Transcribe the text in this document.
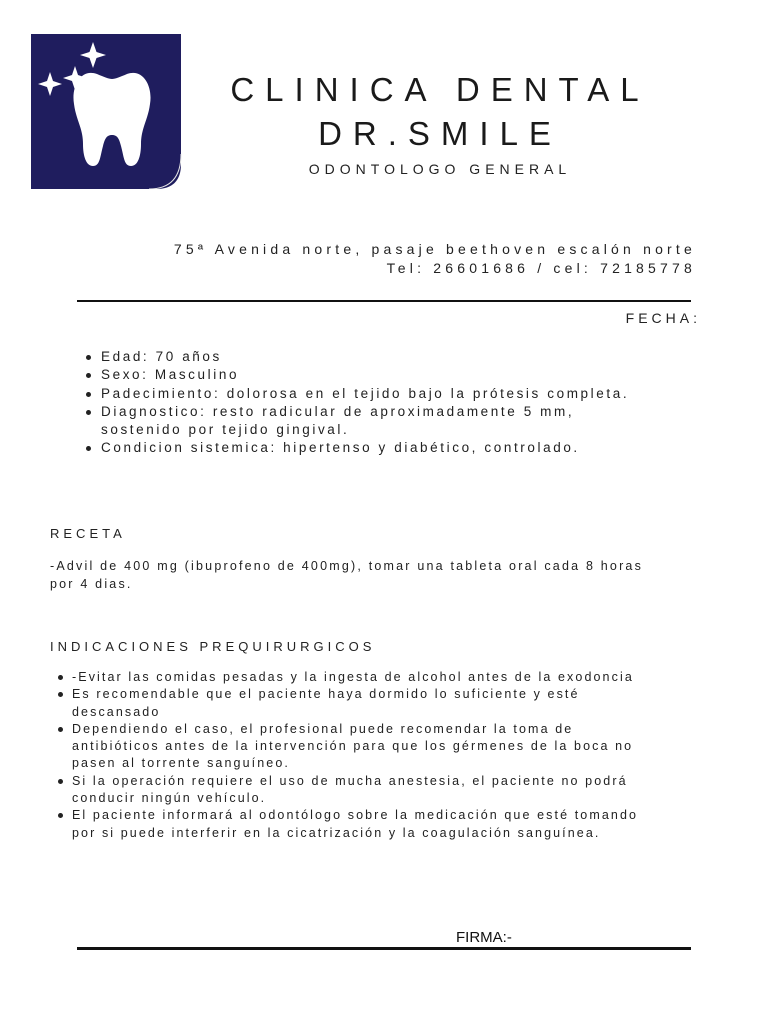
CLINICA DENTAL
DR.SMILE
ODONTOLOGO GENERAL
75ª Avenida norte, pasaje beethoven escalón norte
Tel: 26601686 / cel: 72185778
FECHA:
Edad: 70 años
Sexo: Masculino
Padecimiento: dolorosa en el tejido bajo la prótesis completa.
Diagnostico: resto radicular de aproximadamente 5 mm, sostenido por tejido gingival.
Condicion sistemica: hipertenso y diabético, controlado.
RECETA
-Advil de 400 mg (ibuprofeno de 400mg), tomar una tableta oral cada 8 horas por 4 dias.
INDICACIONES PREQUIRURGICOS
-Evitar las comidas pesadas y la ingesta de alcohol antes de la exodoncia
Es recomendable que el paciente haya dormido lo suficiente y esté descansado
Dependiendo el caso, el profesional puede recomendar la toma de antibióticos antes de la intervención para que los gérmenes de la boca no pasen al torrente sanguíneo.
Si la operación requiere el uso de mucha anestesia, el paciente no podrá conducir ningún vehículo.
El paciente informará al odontólogo sobre la medicación que esté tomando por si puede interferir en la cicatrización y la coagulación sanguínea.
FIRMA:-
